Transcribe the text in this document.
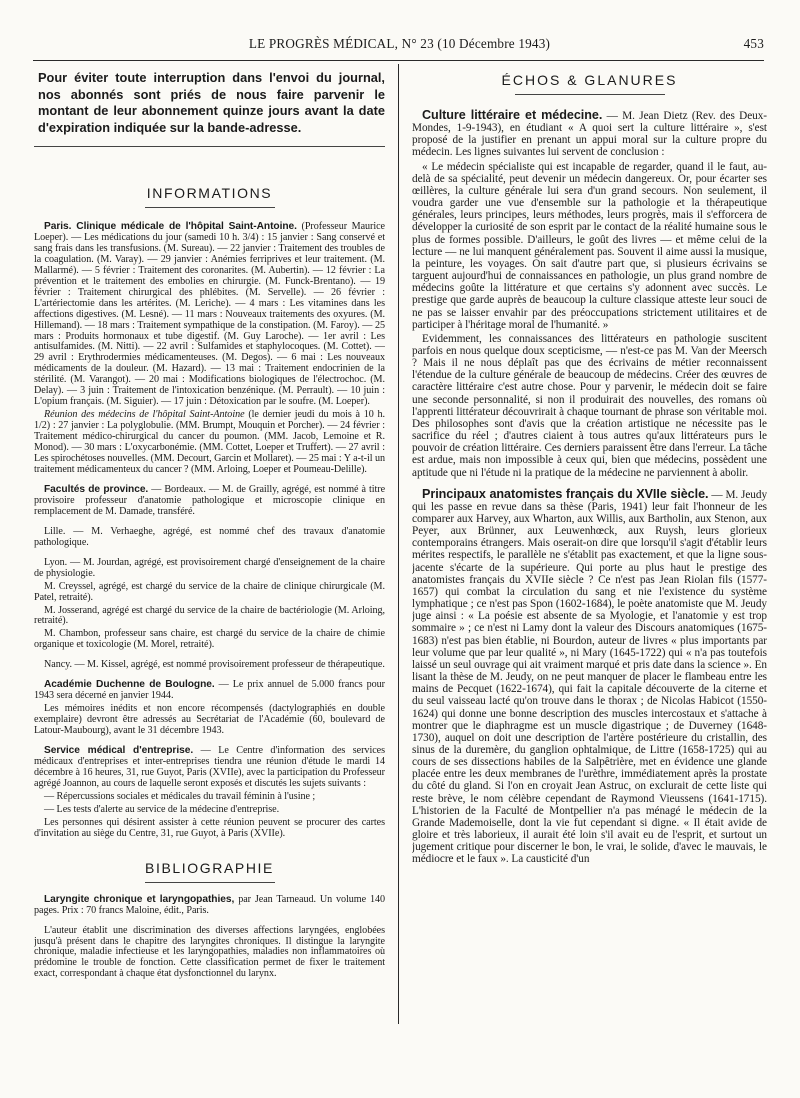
LE PROGRÈS MÉDICAL, N° 23 (10 Décembre 1943)	453
Pour éviter toute interruption dans l'envoi du journal, nos abonnés sont priés de nous faire parvenir le montant de leur abonnement quinze jours avant la date d'expiration indiquée sur la bande-adresse.
INFORMATIONS

Paris. Clinique médicale de l'hôpital Saint-Antoine. (Professeur Maurice Loeper). — Les médications du jour (samedi 10 h. 3/4) : 15 janvier : Sang conservé et sang frais dans les transfusions. (M. Sureau). — 22 janvier : Traitement des troubles de la coagulation. (M. Varay). — 29 janvier : Anémies ferriprives et leur traitement. (M. Mallarmé). — 5 février : Traitement des coronarites. (M. Aubertin). — 12 février : La prévention et le traitement des embolies en chirurgie. (M. Funck-Brentano). — 19 février : Traitement chirurgical des phlébites. (M. Servelle). — 26 février : L'artériectomie dans les artérites. (M. Leriche). — 4 mars : Les vitamines dans les affections digestives. (M. Lesné). — 11 mars : Nouveaux traitements des oxyures. (M. Hillemand). — 18 mars : Traitement sympathique de la constipation. (M. Faroy). — 25 mars : Produits hormonaux et tube digestif. (M. Guy Laroche). — 1er avril : Les antisulfamides. (M. Nitti). — 22 avril : Sulfamides et staphylocoques. (M. Cottet). — 29 avril : Erythrodermies médicamenteuses. (M. Degos). — 6 mai : Les nouveaux médicaments de la douleur. (M. Hazard). — 13 mai : Traitement endocrinien de la stérilité. (M. Varangot). — 20 mai : Modifications biologiques de l'électrochoc. (M. Delay). — 3 juin : Traitement de l'intoxication benzénique. (M. Perrault). — 10 juin : L'opium français. (M. Siguier). — 17 juin : Détoxication par le soufre. (M. Loeper).

Réunion des médecins de l'hôpital Saint-Antoine (le dernier jeudi du mois à 10 h. 1/2) : 27 janvier : La polyglobulie. (MM. Brumpt, Mouquin et Porcher). — 24 février : Traitement médico-chirurgical du cancer du poumon. (MM. Jacob, Lemoine et R. Monod). — 30 mars : L'oxycarbonémie. (MM. Cottet, Loeper et Truffert). — 27 avril : Les spirochétoses nouvelles. (MM. Decourt, Garcin et Mollaret). — 25 mai : Y a-t-il un traitement médicamenteux du cancer ? (MM. Arloing, Loeper et Poumeau-Delille).

Facultés de province. — Bordeaux. — M. de Grailly, agrégé, est nommé à titre provisoire professeur d'anatomie pathologique et microscopie clinique en remplacement de M. Damade, transféré.

Lille. — M. Verhaeghe, agrégé, est nommé chef des travaux d'anatomie pathologique.

Lyon. — M. Jourdan, agrégé, est provisoirement chargé d'enseignement de la chaire de physiologie.

M. Creyssel, agrégé, est chargé du service de la chaire de clinique chirurgicale (M. Patel, retraité).

M. Josserand, agrégé est chargé du service de la chaire de bactériologie (M. Arloing, retraité).

M. Chambon, professeur sans chaire, est chargé du service de la chaire de chimie organique et toxicologie (M. Morel, retraité).

Nancy. — M. Kissel, agrégé, est nommé provisoirement professeur de thérapeutique.

Académie Duchenne de Boulogne. — Le prix annuel de 5.000 francs pour 1943 sera décerné en janvier 1944.

Les mémoires inédits et non encore récompensés (dactylographiés en double exemplaire) devront être adressés au Secrétariat de l'Académie (60, boulevard de Latour-Maubourg), avant le 31 décembre 1943.

Service médical d'entreprise. — Le Centre d'information des services médicaux d'entreprises et inter-entreprises tiendra une réunion d'étude le mardi 14 décembre à 16 heures, 31, rue Guyot, Paris (XVIIe), avec la participation du Professeur agrégé Joannon, au cours de laquelle seront exposés et discutés les sujets suivants :

— Répercussions sociales et médicales du travail féminin à l'usine ;

— Les tests d'alerte au service de la médecine d'entreprise.

Les personnes qui désirent assister à cette réunion peuvent se procurer des cartes d'invitation au siège du Centre, 31, rue Guyot, à Paris (XVIIe).

BIBLIOGRAPHIE

Laryngite chronique et laryngopathies, par Jean Tarneaud. Un volume 140 pages. Prix : 70 francs Maloine, édit., Paris.

L'auteur établit une discrimination des diverses affections laryngées, englobées jusqu'à présent dans le chapitre des laryngites chroniques. Il distingue la laryngite chronique, maladie infectieuse et les laryngopathies, maladies non inflammatoires où prédomine le trouble de fonction. Cette classification permet de fixer le traitement exact, correspondant à chaque état dysfonctionnel du larynx.

ÉCHOS & GLANURES

Culture littéraire et médecine. — M. Jean Dietz (Rev. des Deux-Mondes, 1-9-1943), en étudiant « A quoi sert la culture littéraire », s'est proposé de la justifier en prenant un appui moral sur la culture propre du médecin. Les lignes suivantes lui servent de conclusion :

« Le médecin spécialiste qui est incapable de regarder, quand il le faut, au-delà de sa spécialité, peut devenir un médecin dangereux. Or, pour écarter ses œillères, la culture générale lui sera d'un grand secours. Non seulement, il voudra garder une vue d'ensemble sur la pathologie et la thérapeutique générales, leurs principes, leurs méthodes, leurs progrès, mais il s'efforcera de développer la curiosité de son esprit par le contact de la réalité humaine sous le plus de formes possible. D'ailleurs, le goût des livres — et même celui de la lecture — ne lui manquent généralement pas. Souvent il aime aussi la musique, la peinture, les voyages. On sait d'autre part que, si plusieurs écrivains se targuent aujourd'hui de connaissances en pathologie, un plus grand nombre de médecins goûte la littérature et que certains s'y adonnent avec succès. Le prestige que garde auprès de beaucoup la culture classique atteste leur souci de ne pas se laisser envahir par des préoccupations strictement utilitaires et de participer à l'héritage moral de l'humanité. »

Evidemment, les connaissances des littérateurs en pathologie suscitent parfois en nous quelque doux scepticisme, — n'est-ce pas M. Van der Meersch ? Mais il ne nous déplaît pas que des écrivains de métier reconnaissent l'étendue de la culture générale de beaucoup de médecins. Créer des œuvres de caractère littéraire c'est autre chose. Pour y parvenir, le médecin doit se faire une seconde personnalité, si non il produirait des nouvelles, des romans où l'apprenti littérateur découvrirait à chaque tournant de phrase son véritable moi. Des philosophes sont d'avis que la création artistique ne nécessite pas le sacrifice du réel ; d'autres ciaient à tous autres qu'aux littérateurs purs le pouvoir de création littéraire. Ces derniers paraissent être dans l'erreur. La tâche est ardue, mais non impossible à ceux qui, bien que médecins, possèdent une aptitude que ni l'étude ni la pratique de la médecine ne parviennent à abolir.

Principaux anatomistes français du XVIIe siècle. — M. Jeudy qui les passe en revue dans sa thèse (Paris, 1941) leur fait l'honneur de les comparer aux Harvey, aux Wharton, aux Willis, aux Bartholin, aux Stenon, aux Peyer, aux Brünner, aux Leuwenhœck, aux Ruysh, leurs glorieux contemporains étrangers. Mais oserait-on dire que lorsqu'il s'agit d'établir leurs mérites respectifs, le parallèle ne s'établit pas exactement, et que la ligne sous-jacente s'écarte de la supérieure. Qui porte au plus haut le prestige des anatomistes français du XVIIe siècle ? Ce n'est pas Jean Riolan fils (1577-1657) qui combat la circulation du sang et nie l'existence du système lymphatique ; ce n'est pas Spon (1602-1684), le poète anatomiste que M. Jeudy juge ainsi : « La poésie est absente de sa Myologie, et l'anatomie y est trop sommaire » ; ce n'est ni Lamy dont la valeur des Discours anatomiques (1675-1683) n'est pas bien établie, ni Bourdon, auteur de livres « plus importants par leur volume que par leur qualité », ni Mary (1645-1722) qui « n'a pas toutefois laissé un seul ouvrage qui ait vraiment marqué et pris date dans la science ». En lisant la thèse de M. Jeudy, on ne peut manquer de placer le flambeau entre les mains de Pecquet (1622-1674), qui fait la capitale découverte de la citerne et du seul vaisseau lacté qu'on trouve dans le thorax ; de Nicolas Habicot (1550-1624) qui donne une bonne description des muscles intercostaux et s'attache à montrer que le diaphragme est un muscle digastrique ; de Duverney (1648-1730), auquel on doit une description de l'artère postérieure du cristallin, des sinus de la duremère, du ganglion ophtalmique, de Littre (1658-1725) qui au cours de ses dissections habiles de la Salpêtrière, met en évidence une glande placée entre les deux membranes de l'urèthre, immédiatement après la prostate du côté du gland. Si l'on en croyait Jean Astruc, on exclurait de cette liste qui reste brève, le nom célèbre cependant de Raymond Vieussens (1641-1715). L'historien de la Faculté de Montpellier n'a pas ménagé le médecin de la Grande Mademoiselle, dont la vie fut cependant si digne. « Il était avide de gloire et très laborieux, il aurait été loin s'il avait eu de l'esprit, et surtout un jugement critique pour discerner le bon, le vrai, le solide, d'avec le mauvais, le médiocre et le faux ». La causticité d'un
